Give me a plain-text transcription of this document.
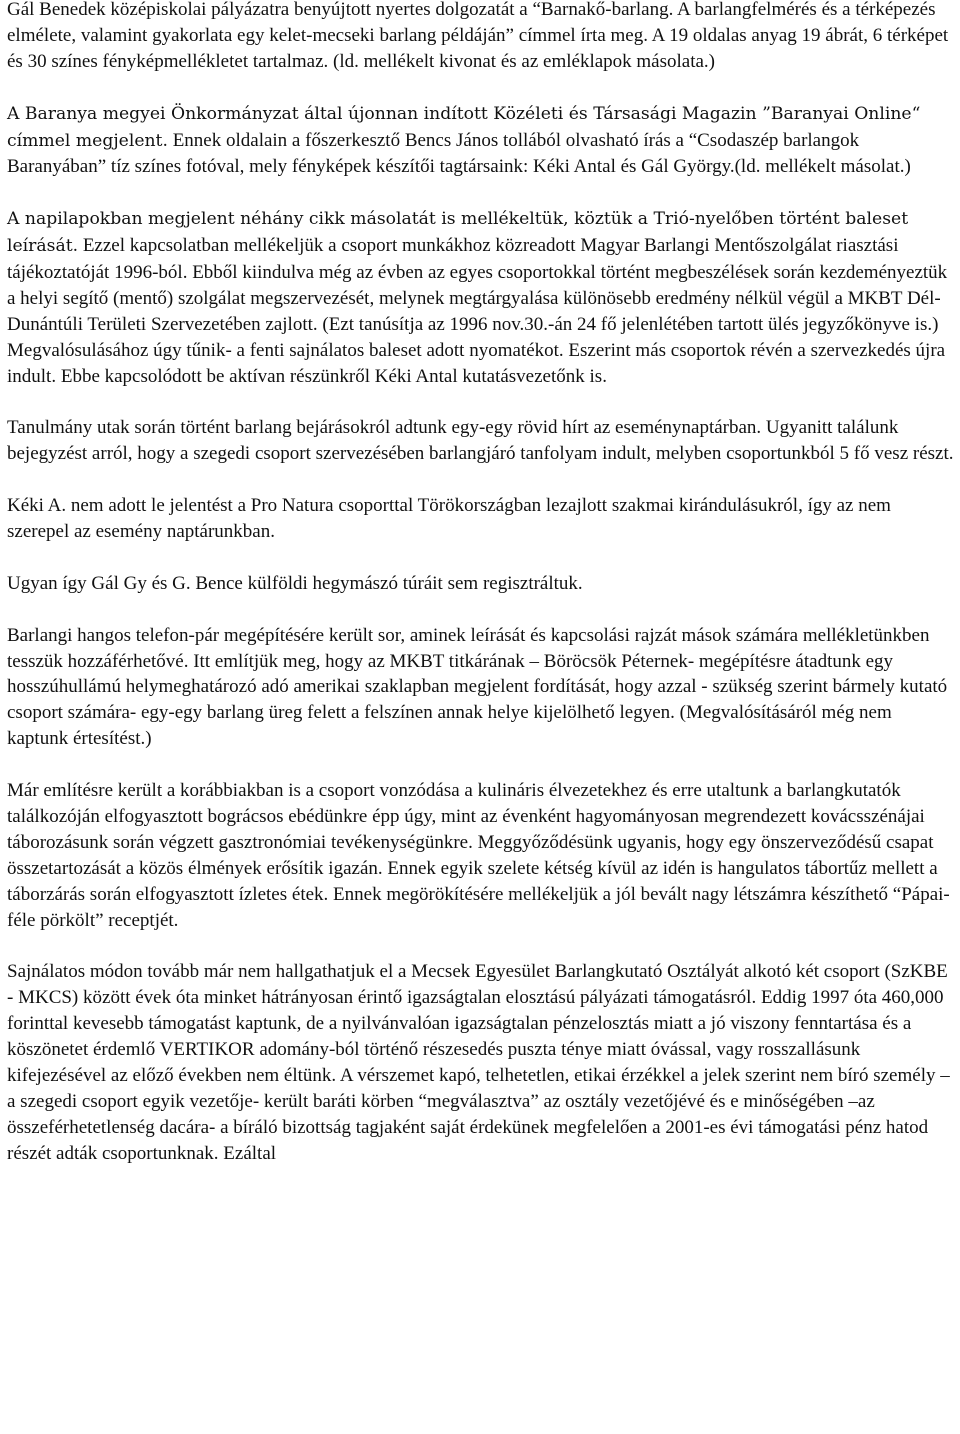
Gál Benedek középiskolai pályázatra benyújtott nyertes dolgozatát a “Barnakő-barlang. A barlangfelmérés és a térképezés elmélete, valamint gyakorlata egy kelet-mecseki barlang példáján” címmel írta meg. A 19 oldalas anyag 19 ábrát, 6 térképet és 30 színes fényképmellékletet tartalmaz. (ld. mellékelt kivonat és az emléklapok másolata.)

A Baranya megyei Önkormányzat által újonnan indított Közéleti és Társasági Magazin ”Baranyai Online“ címmel megjelent. Ennek oldalain a főszerkesztő Bencs János tollából olvasható írás a “Csodaszép barlangok Baranyában” tíz színes fotóval, mely fényképek készítői tagtársaink: Kéki Antal és Gál György.(ld. mellékelt másolat.)

A napilapokban megjelent néhány cikk másolatát is mellékeltük, köztük a Trió-nyelőben történt baleset leírását. Ezzel kapcsolatban mellékeljük a csoport munkákhoz közreadott Magyar Barlangi Mentőszolgálat riasztási tájékoztatóját 1996-ból. Ebből kiindulva még az évben az egyes csoportokkal történt megbeszélések során kezdeményeztük a helyi segítő (mentő) szolgálat megszervezését, melynek megtárgyalása különösebb eredmény nélkül végül a MKBT Dél-Dunántúli Területi Szervezetében zajlott. (Ezt tanúsítja az 1996 nov.30.-án 24 fő jelenlétében tartott ülés jegyzőkönyve is.) Megvalósulásához úgy tűnik- a fenti sajnálatos baleset adott nyomatékot. Eszerint más csoportok révén a szervezkedés újra indult. Ebbe kapcsolódott be aktívan részünkről Kéki Antal kutatásvezetőnk is.

Tanulmány utak során történt barlang bejárásokról adtunk egy-egy rövid hírt az eseménynaptárban. Ugyanitt találunk bejegyzést arról, hogy a szegedi csoport szervezésében barlangjáró tanfolyam indult, melyben csoportunkból 5 fő vesz részt.

Kéki A. nem adott le jelentést a Pro Natura csoporttal Törökországban lezajlott szakmai kirándulásukról, így az nem szerepel az esemény naptárunkban.

Ugyan így Gál Gy és G. Bence külföldi hegymászó túráit sem regisztráltuk.

Barlangi hangos telefon-pár megépítésére került sor, aminek leírását és kapcsolási rajzát mások számára mellékletünkben tesszük hozzáférhetővé. Itt említjük meg, hogy az MKBT titkárának – Böröcsök Péternek- megépítésre átadtunk egy hosszúhullámú helymeghatározó adó amerikai szaklapban megjelent fordítását, hogy azzal - szükség szerint bármely kutató csoport számára- egy-egy barlang üreg felett a felszínen annak helye kijelölhető legyen. (Megvalósításáról még nem kaptunk értesítést.)

Már említésre került a korábbiakban is a csoport vonzódása a kulináris élvezetekhez és erre utaltunk a barlangkutatók találkozóján elfogyasztott bográcsos ebédünkre épp úgy, mint az évenként hagyományosan megrendezett kovácsszénájai táborozásunk során végzett gasztronómiai tevékenységünkre. Meggyőződésünk ugyanis, hogy egy önszerveződésű csapat összetartozását a közös élmények erősítik igazán. Ennek egyik szelete kétség kívül az idén is hangulatos tábortűz mellett a táborzárás során elfogyasztott ízletes étek. Ennek megörökítésére mellékeljük a jól bevált nagy létszámra készíthető “Pápai-féle pörkölt” receptjét.

Sajnálatos módon tovább már nem hallgathatjuk el a Mecsek Egyesület Barlangkutató Osztályát alkotó két csoport (SzKBE - MKCS) között évek óta minket hátrányosan érintő igazságtalan elosztású pályázati támogatásról. Eddig 1997 óta 460,000 forinttal kevesebb támogatást kaptunk, de a nyilvánvalóan igazságtalan pénzelosztás miatt a jó viszony fenntartása és a köszönetet érdemlő VERTIKOR adomány-ból történő részesedés puszta ténye miatt óvással, vagy rosszallásunk kifejezésével az előző években nem éltünk. A vérszemet kapó, telhetetlen, etikai érzékkel a jelek szerint nem bíró személy –a szegedi csoport egyik vezetője- került baráti körben “megválasztva” az osztály vezetőjévé és e minőségében –az összeférhetetlenség dacára- a bíráló bizottság tagjaként saját érdekünek megfelelően a 2001-es évi támogatási pénz hatod részét adták csoportunknak. Ezáltal
